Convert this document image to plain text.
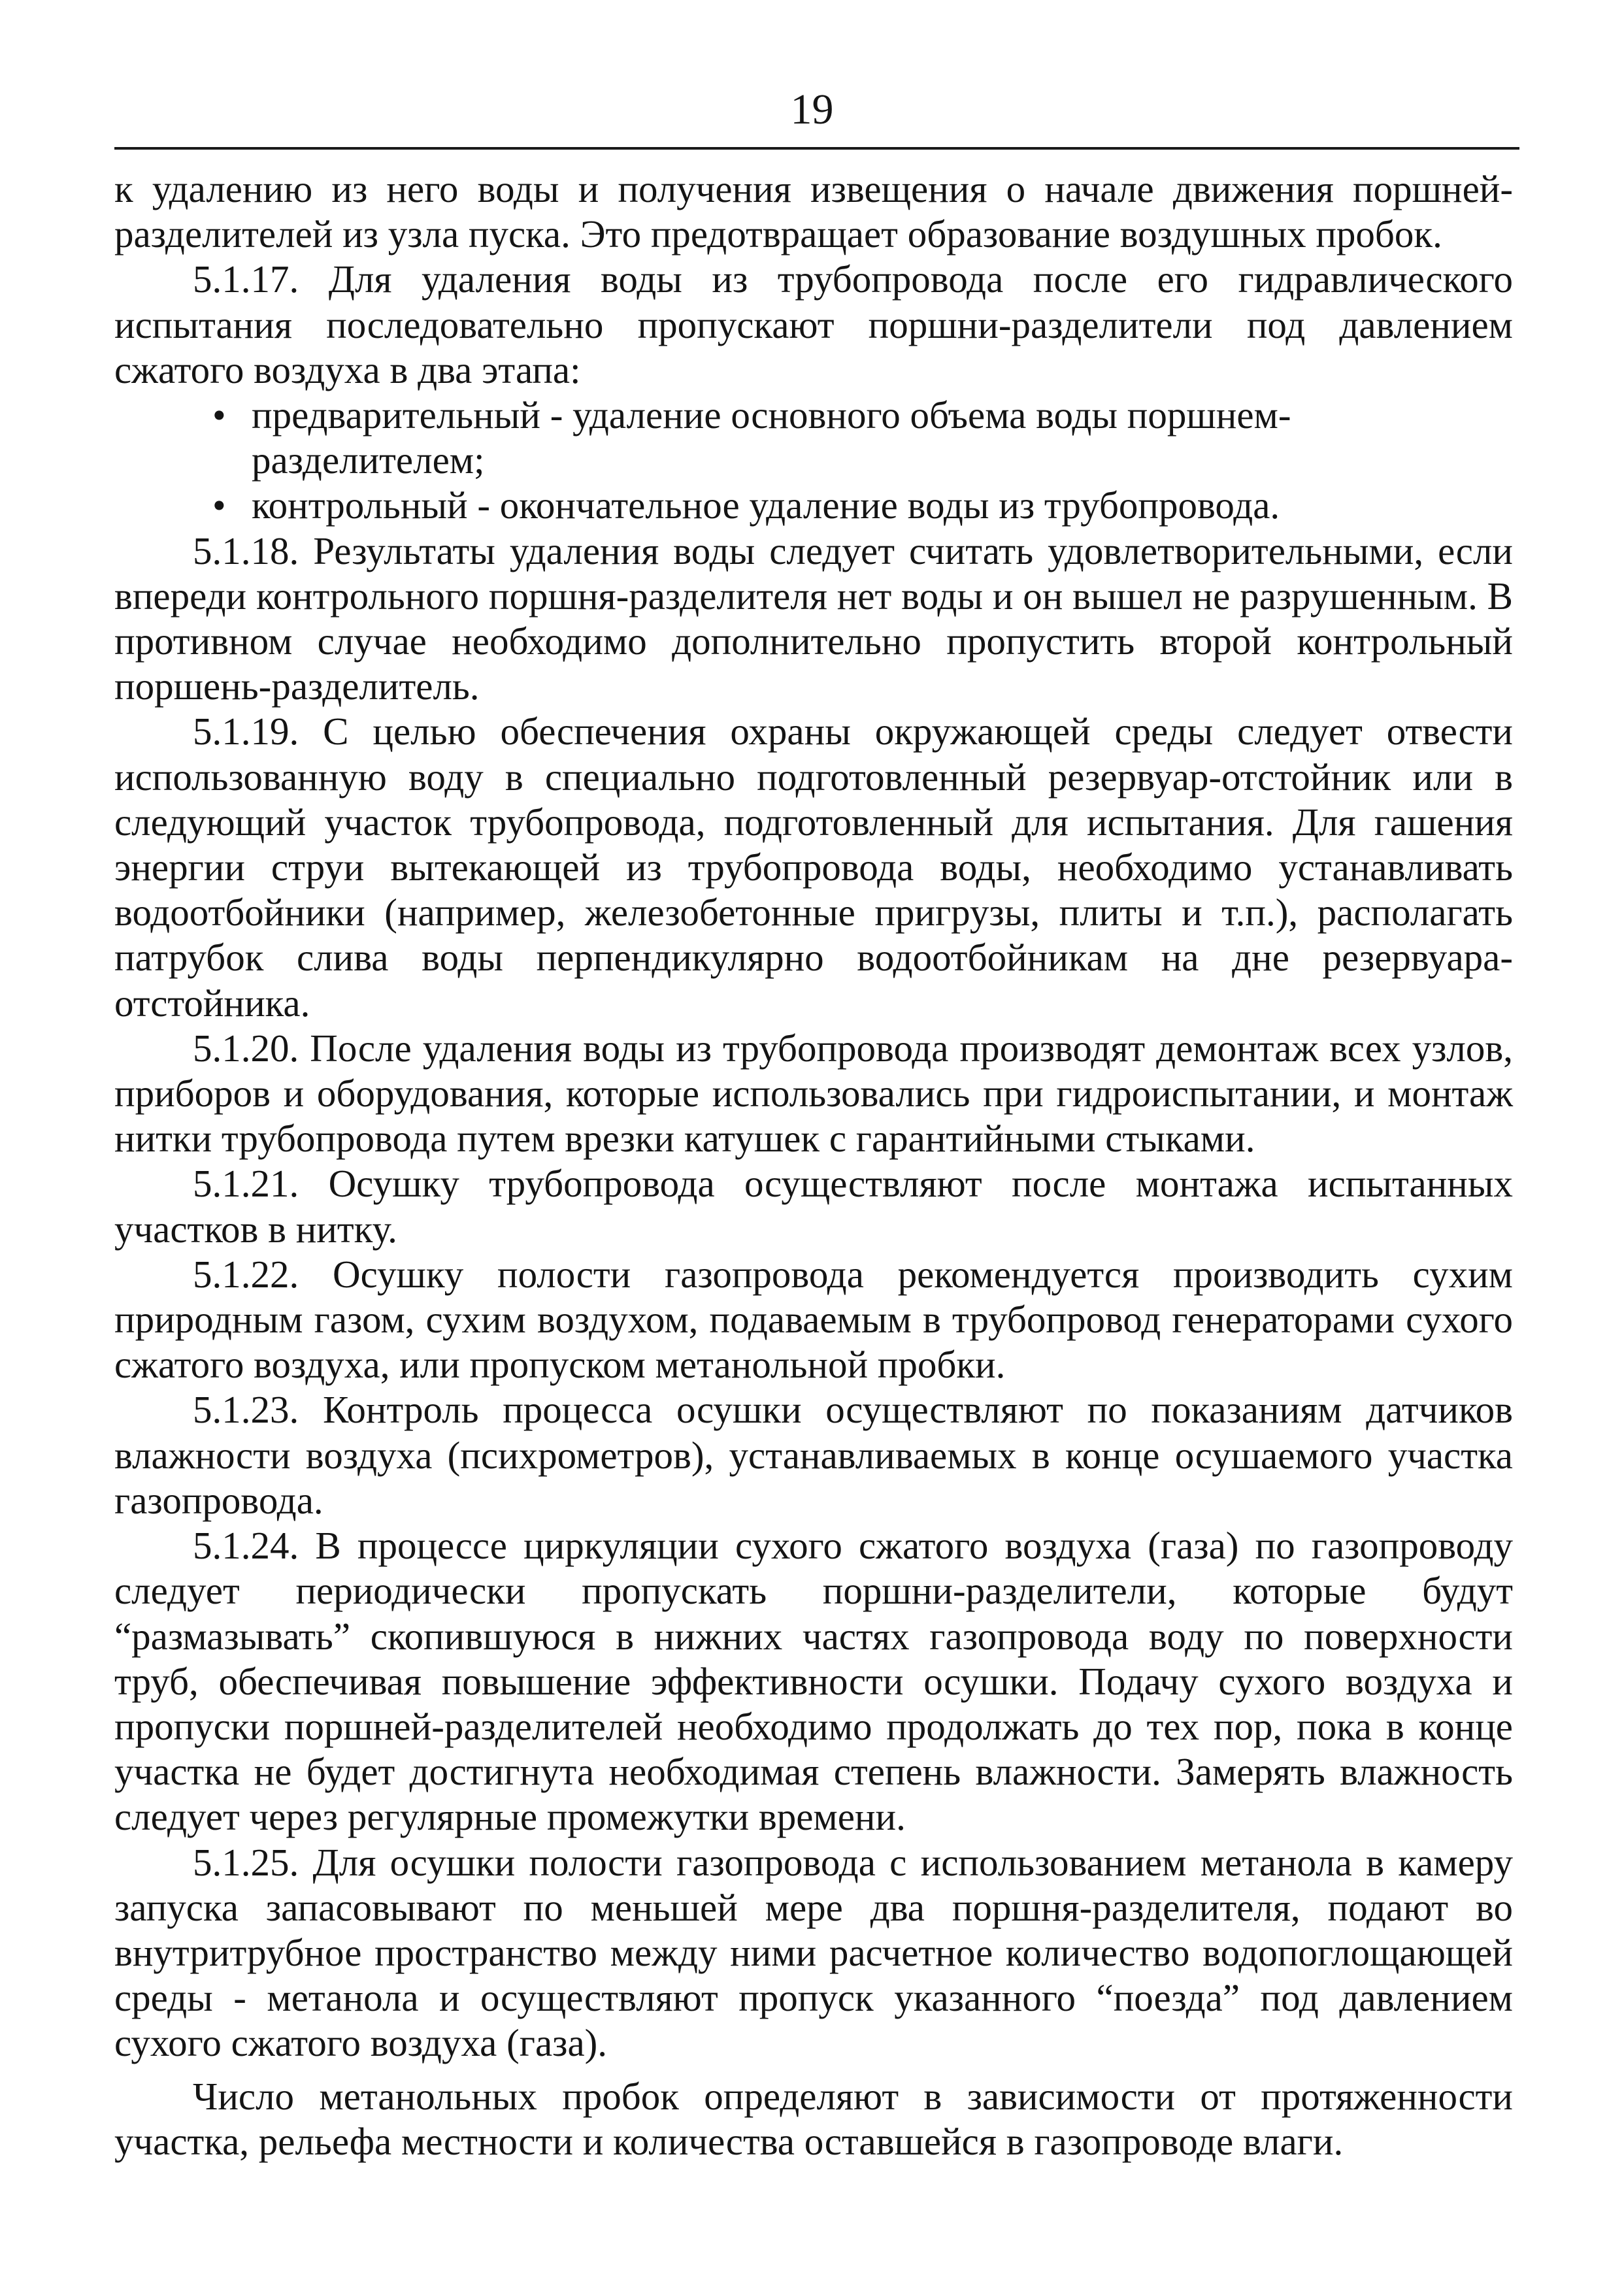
19

к удалению из него воды и получения извещения о начале движения поршней-разделителей из узла пуска. Это предотвращает образование воздушных пробок.

5.1.17. Для удаления воды из трубопровода после его гидравлического испытания последовательно пропускают поршни-разделители под давлением сжатого воздуха в два этапа:

• предварительный - удаление основного объема воды поршнем-разделителем;
• контрольный - окончательное удаление воды из трубопровода.

5.1.18. Результаты удаления воды следует считать удовлетворительными, если впереди контрольного поршня-разделителя нет воды и он вышел не разрушенным. В противном случае необходимо дополнительно пропустить второй контрольный поршень-разделитель.

5.1.19. С целью обеспечения охраны окружающей среды следует отвести использованную воду в специально подготовленный резервуар-отстойник или в следующий участок трубопровода, подготовленный для испытания. Для гашения энергии струи вытекающей из трубопровода воды, необходимо устанавливать водоотбойники (например, железобетонные пригрузы, плиты и т.п.), располагать патрубок слива воды перпендикулярно водоотбойникам на дне резервуара-отстойника.

5.1.20. После удаления воды из трубопровода производят демонтаж всех узлов, приборов и оборудования, которые использовались при гидроиспытании, и монтаж нитки трубопровода путем врезки катушек с гарантийными стыками.

5.1.21. Осушку трубопровода осуществляют после монтажа испытанных участков в нитку.

5.1.22. Осушку полости газопровода рекомендуется производить сухим природным газом, сухим воздухом, подаваемым в трубопровод генераторами сухого сжатого воздуха, или пропуском метанольной пробки.

5.1.23. Контроль процесса осушки осуществляют по показаниям датчиков влажности воздуха (психрометров), устанавливаемых в конце осушаемого участка газопровода.

5.1.24. В процессе циркуляции сухого сжатого воздуха (газа) по газопроводу следует периодически пропускать поршни-разделители, которые будут “размазывать” скопившуюся в нижних частях газопровода воду по поверхности труб, обеспечивая повышение эффективности осушки. Подачу сухого воздуха и пропуски поршней-разделителей необходимо продолжать до тех пор, пока в конце участка не будет достигнута необходимая степень влажности. Замерять влажность следует через регулярные промежутки времени.

5.1.25. Для осушки полости газопровода с использованием метанола в камеру запуска запасовывают по меньшей мере два поршня-разделителя, подают во внутритрубное пространство между ними расчетное количество водопоглощающей среды - метанола и осуществляют пропуск указанного “поезда” под давлением сухого сжатого воздуха (газа).

Число метанольных пробок определяют в зависимости от протяженности участка, рельефа местности и количества оставшейся в газопроводе влаги.
